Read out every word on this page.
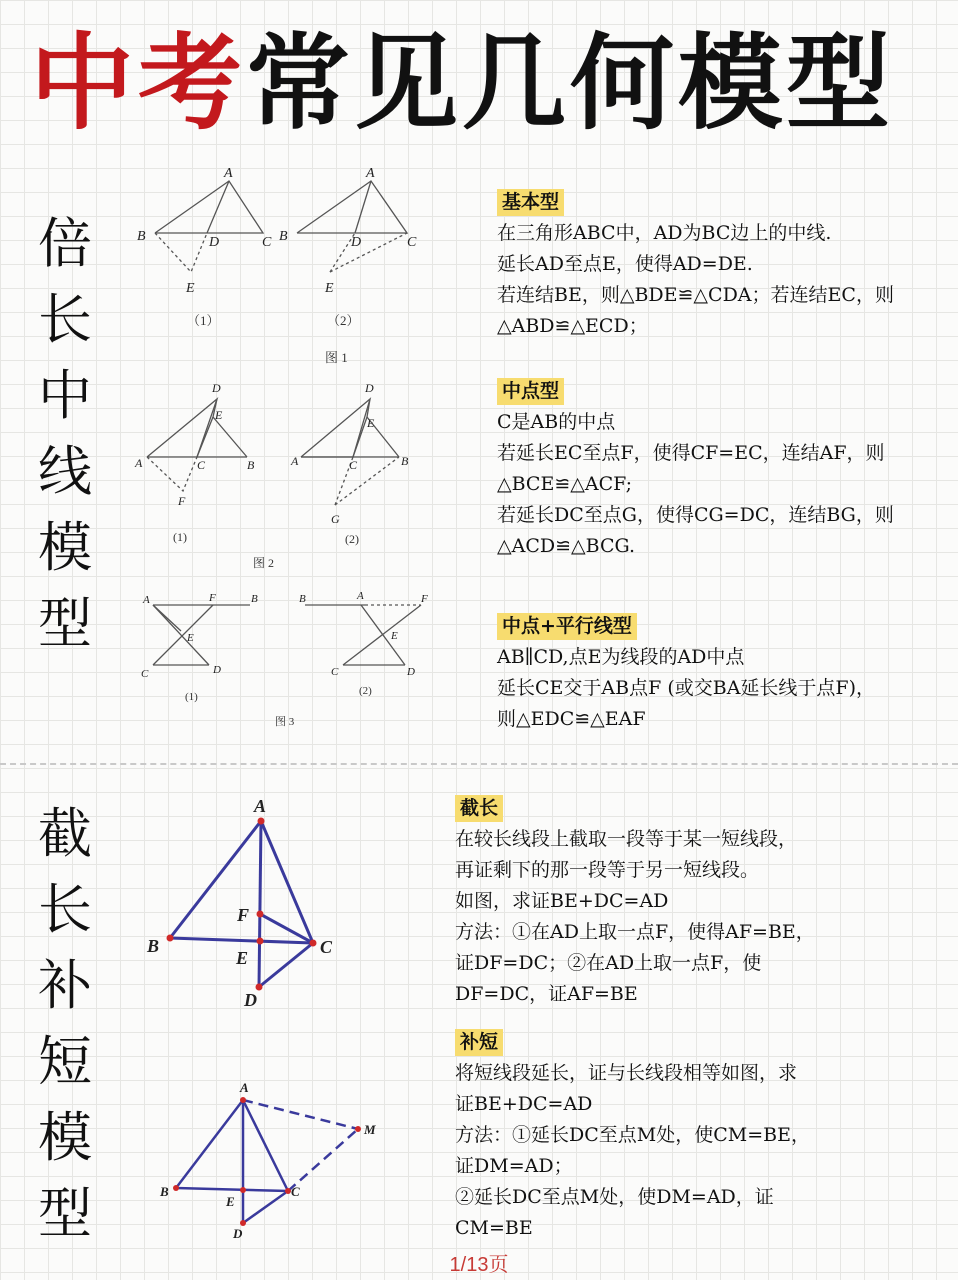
中考常见几何模型
倍
长
中
线
模
型
A
B	D	C
E
A
B	D	C
E
（1）	（2）
图 1
D
E
A	C	B
F
D
E
A	C	B
G
(1)	(2)
图 2
A	F	B
E
C	D
B	A	F
E
C	D
(1)	(2)
图 3
基本型

在三角形ABC中，AD为BC边上的中线.

延长AD至点E，使得AD=DE.

若连结BE，则△BDE≌△CDA；若连结EC，则

△ABD≌△ECD；

中点型

C是AB的中点

若延长EC至点F，使得CF=EC，连结AF，则

△BCE≌△ACF;

若延长DC至点G，使得CG=DC，连结BG，则

△ACD≌△BCG.

中点+平行线型

AB∥CD,点E为线段的AD中点

延长CE交于AB点F (或交BA延长线于点F)，

则△EDC≌△EAF

截
长
补
短
模
型
A
B	C
D
E
F
A
B	C
D
E
M
截长

在较长线段上截取一段等于某一短线段，

再证剩下的那一段等于另一短线段。

如图，求证BE+DC=AD

方法：①在AD上取一点F，使得AF=BE，

证DF=DC；②在AD上取一点F，使

DF=DC，证AF=BE

补短

将短线段延长，证与长线段相等如图，求

证BE+DC=AD

方法：①延长DC至点M处，使CM=BE，

证DM=AD；

②延长DC至点M处，使DM=AD，证

CM=BE

1/13页
